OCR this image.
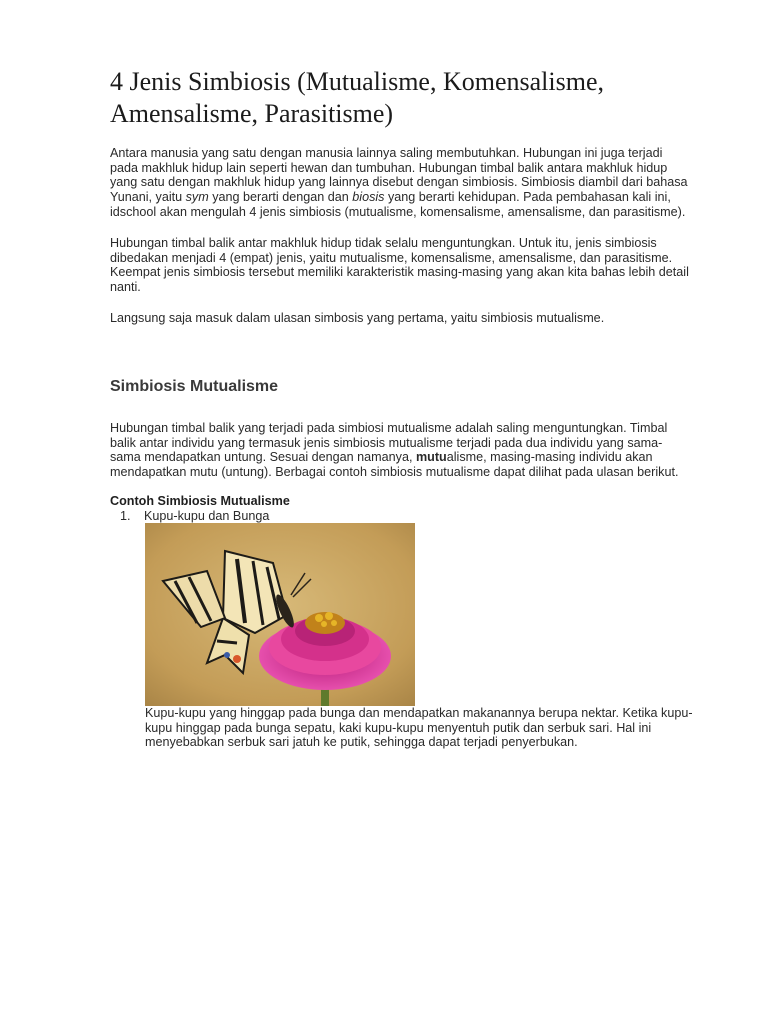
4 Jenis Simbiosis (Mutualisme, Komensalisme, Amensalisme, Parasitisme)

Antara manusia yang satu dengan manusia lainnya saling membutuhkan. Hubungan ini juga terjadi pada makhluk hidup lain seperti hewan dan tumbuhan. Hubungan timbal balik antara makhluk hidup yang satu dengan makhluk hidup yang lainnya disebut dengan simbiosis. Simbiosis diambil dari bahasa Yunani, yaitu sym yang berarti dengan dan biosis yang berarti kehidupan. Pada pembahasan kali ini, idschool akan mengulah 4 jenis simbiosis (mutualisme, komensalisme, amensalisme, dan parasitisme).

Hubungan timbal balik antar makhluk hidup tidak selalu menguntungkan. Untuk itu, jenis simbiosis dibedakan menjadi 4 (empat) jenis, yaitu mutualisme, komensalisme, amensalisme, dan parasitisme. Keempat jenis simbiosis tersebut memiliki karakteristik masing-masing yang akan kita bahas lebih detail nanti.

Langsung saja masuk dalam ulasan simbosis yang pertama, yaitu simbiosis mutualisme.

Simbiosis Mutualisme

Hubungan timbal balik yang terjadi pada simbiosi mutualisme adalah saling menguntungkan. Timbal balik antar individu yang termasuk jenis simbiosis mutualisme terjadi pada dua individu yang sama-sama mendapatkan untung. Sesuai dengan namanya, mutualisme, masing-masing individu akan mendapatkan mutu (untung). Berbagai contoh simbiosis mutualisme dapat dilihat pada ulasan berikut.

Contoh Simbiosis Mutualisme

1. Kupu-kupu dan Bunga

Kupu-kupu yang hinggap pada bunga dan mendapatkan makanannya berupa nektar. Ketika kupu-kupu hinggap pada bunga sepatu, kaki kupu-kupu menyentuh putik dan serbuk sari. Hal ini menyebabkan serbuk sari jatuh ke putik, sehingga dapat terjadi penyerbukan.
